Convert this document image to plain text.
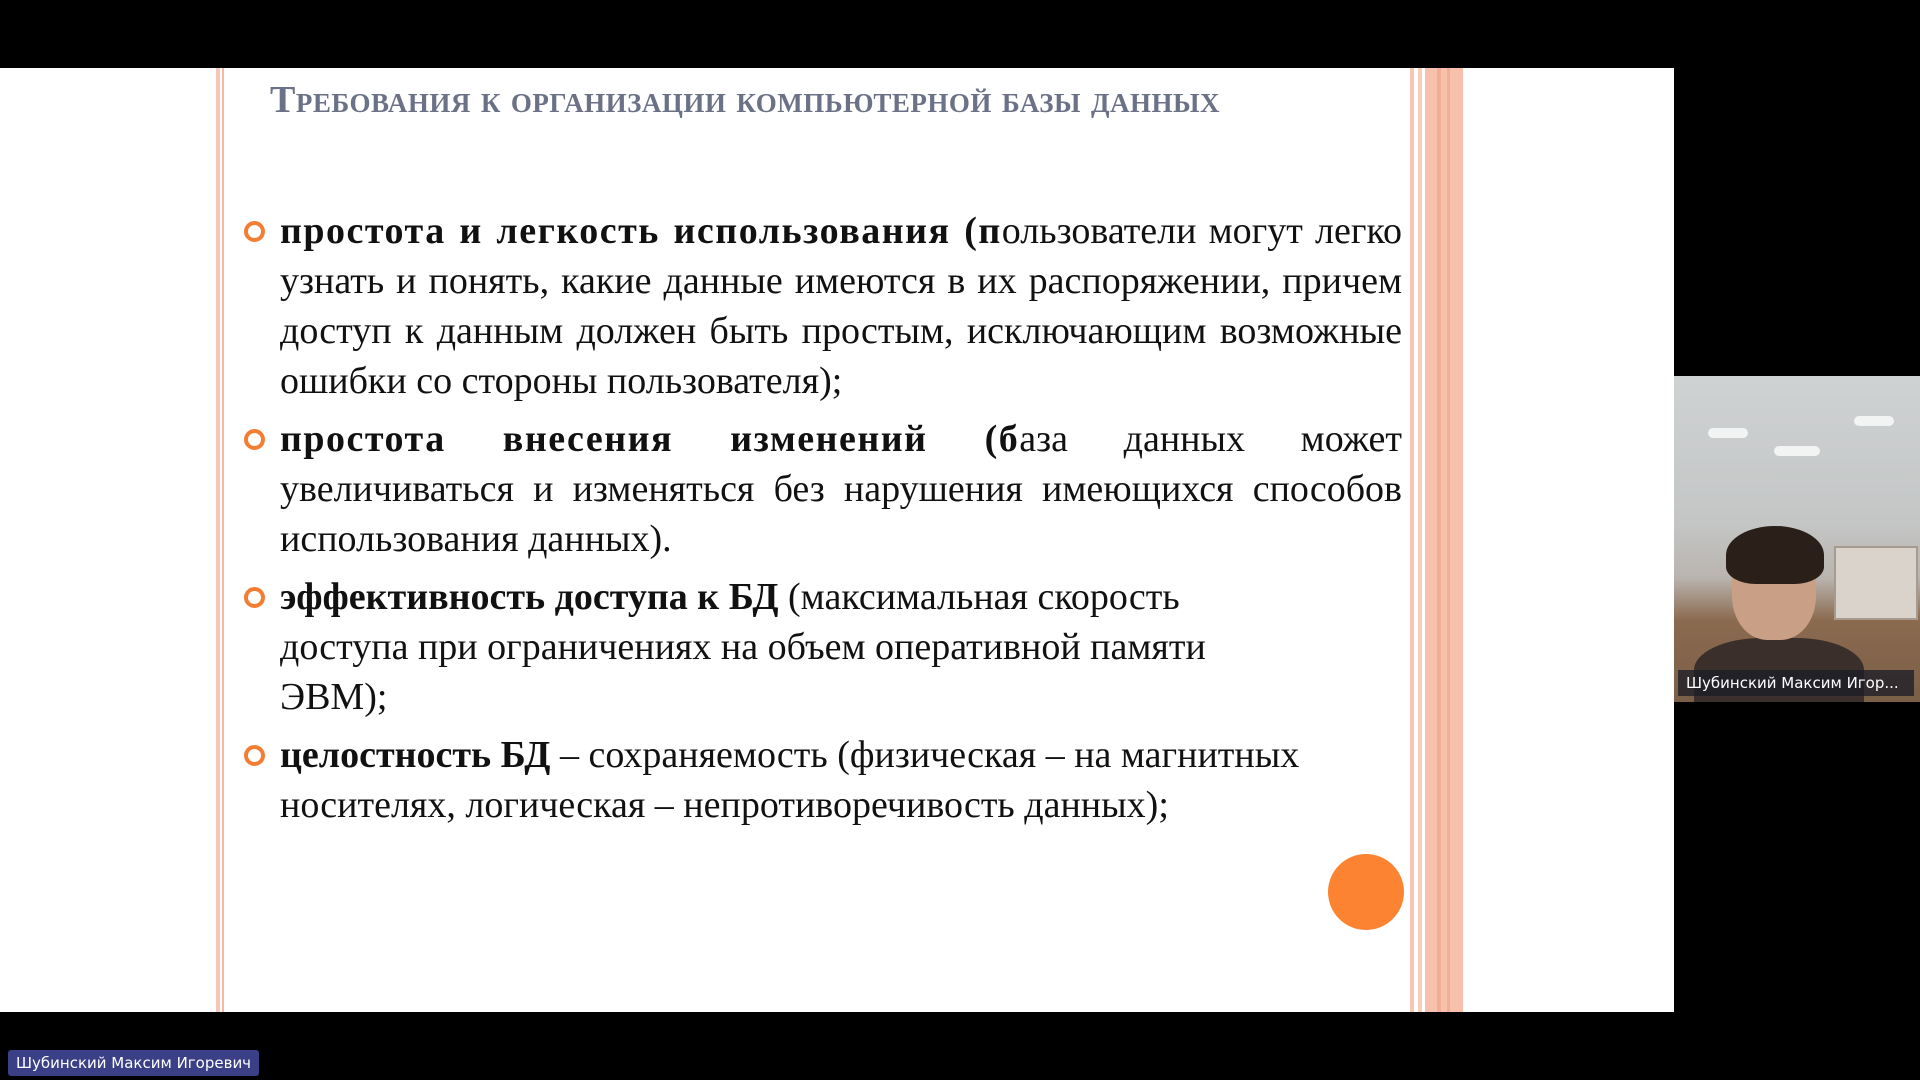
Требования к организации компьютерной базы данных
простота и легкость использования (пользователи могут легко узнать и понять, какие данные имеются в их распоряжении, причем доступ к данным должен быть простым, исключающим возможные ошибки со стороны пользователя);
простота внесения изменений (база данных может увеличиваться и изменяться без нарушения имеющихся способов использования данных).
эффективность доступа к БД (максимальная скорость доступа при ограничениях на объем оперативной памяти ЭВМ);
целостность БД – сохраняемость (физическая – на магнитных носителях, логическая – непротиворечивость данных);
Шубинский Максим Игор...
Шубинский Максим Игоревич
